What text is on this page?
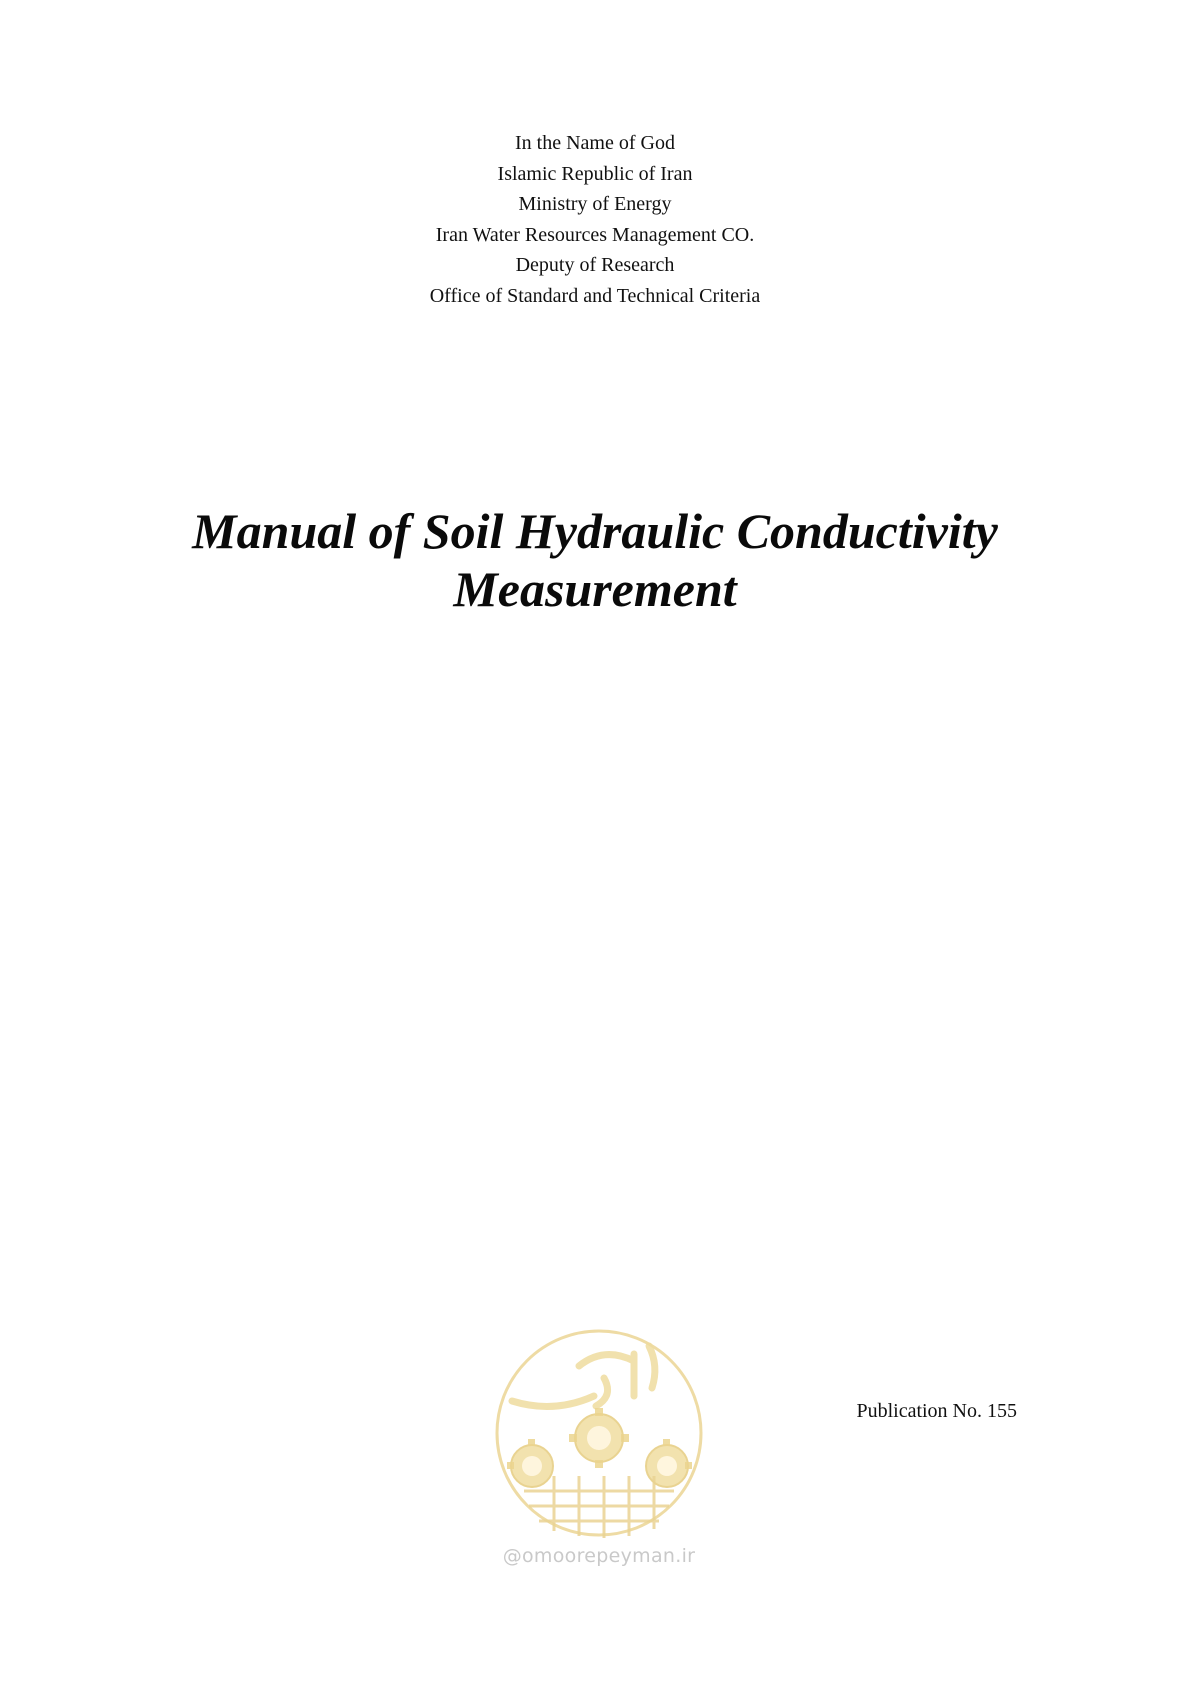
In the Name of God

Islamic Republic of Iran

Ministry of Energy

Iran Water Resources Management CO.

Deputy of Research

Office of Standard and Technical Criteria

Manual of Soil Hydraulic Conductivity

Measurement

@omoorepeyman.ir
Publication No. 155
